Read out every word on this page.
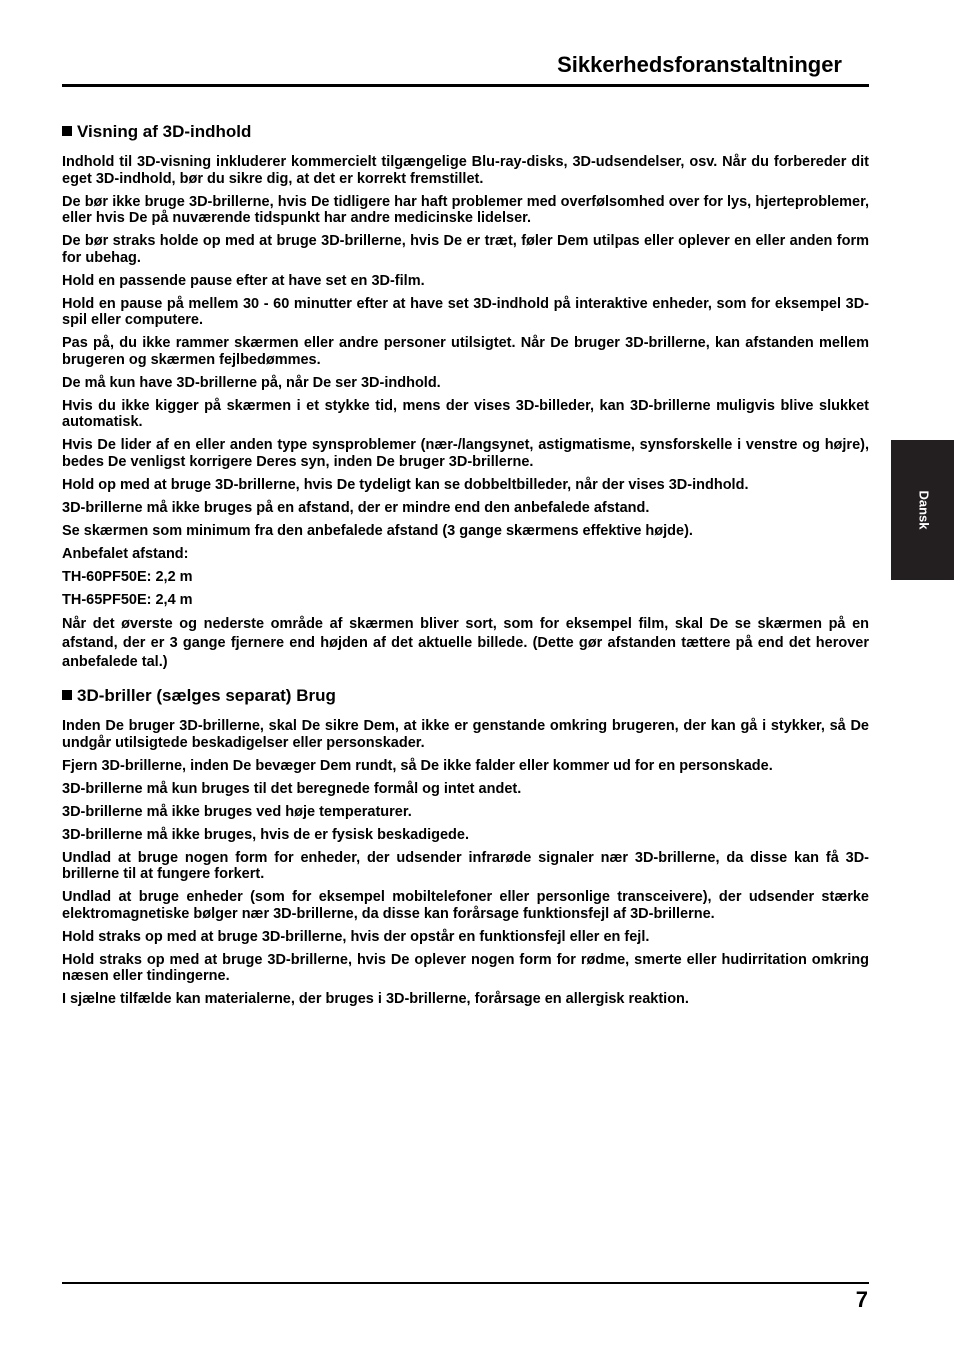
Sikkerhedsforanstaltninger
Dansk
Visning af 3D-indhold

Indhold til 3D-visning inkluderer kommercielt tilgængelige Blu-ray-disks, 3D-udsendelser, osv. Når du forbereder dit eget 3D-indhold, bør du sikre dig, at det er korrekt fremstillet.

De bør ikke bruge 3D-brillerne, hvis De tidligere har haft problemer med overfølsomhed over for lys, hjerteproblemer, eller hvis De på nuværende tidspunkt har andre medicinske lidelser.

De bør straks holde op med at bruge 3D-brillerne, hvis De er træt, føler Dem utilpas eller oplever en eller anden form for ubehag.

Hold en passende pause efter at have set en 3D-film.

Hold en pause på mellem 30 - 60 minutter efter at have set 3D-indhold på interaktive enheder, som for eksempel 3D-spil eller computere.

Pas på, du ikke rammer skærmen eller andre personer utilsigtet. Når De bruger 3D-brillerne, kan afstanden mellem brugeren og skærmen fejlbedømmes.

De må kun have 3D-brillerne på, når De ser 3D-indhold.

Hvis du ikke kigger på skærmen i et stykke tid, mens der vises 3D-billeder, kan 3D-brillerne muligvis blive slukket automatisk.

Hvis De lider af en eller anden type synsproblemer (nær-/langsynet, astigmatisme, synsforskelle i venstre og højre), bedes De venligst korrigere Deres syn, inden De bruger 3D-brillerne.

Hold op med at bruge 3D-brillerne, hvis De tydeligt kan se dobbeltbilleder, når der vises 3D-indhold.

3D-brillerne må ikke bruges på en afstand, der er mindre end den anbefalede afstand.

Se skærmen som minimum fra den anbefalede afstand (3 gange skærmens effektive højde).

Anbefalet afstand:

TH-60PF50E: 2,2 m

TH-65PF50E: 2,4 m

Når det øverste og nederste område af skærmen bliver sort, som for eksempel film, skal De se skærmen på en afstand, der er 3 gange fjernere end højden af det aktuelle billede. (Dette gør afstanden tættere på end det herover anbefalede tal.)

3D-briller (sælges separat) Brug

Inden De bruger 3D-brillerne, skal De sikre Dem, at ikke er genstande omkring brugeren, der kan gå i stykker, så De undgår utilsigtede beskadigelser eller personskader.

Fjern 3D-brillerne, inden De bevæger Dem rundt, så De ikke falder eller kommer ud for en personskade.

3D-brillerne må kun bruges til det beregnede formål og intet andet.

3D-brillerne må ikke bruges ved høje temperaturer.

3D-brillerne må ikke bruges, hvis de er fysisk beskadigede.

Undlad at bruge nogen form for enheder, der udsender infrarøde signaler nær 3D-brillerne, da disse kan få 3D-brillerne til at fungere forkert.

Undlad at bruge enheder (som for eksempel mobiltelefoner eller personlige transceivere), der udsender stærke elektromagnetiske bølger nær 3D-brillerne, da disse kan forårsage funktionsfejl af 3D-brillerne.

Hold straks op med at bruge 3D-brillerne, hvis der opstår en funktionsfejl eller en fejl.

Hold straks op med at bruge 3D-brillerne, hvis De oplever nogen form for rødme, smerte eller hudirritation omkring næsen eller tindingerne.

I sjælne tilfælde kan materialerne, der bruges i 3D-brillerne, forårsage en allergisk reaktion.

7
